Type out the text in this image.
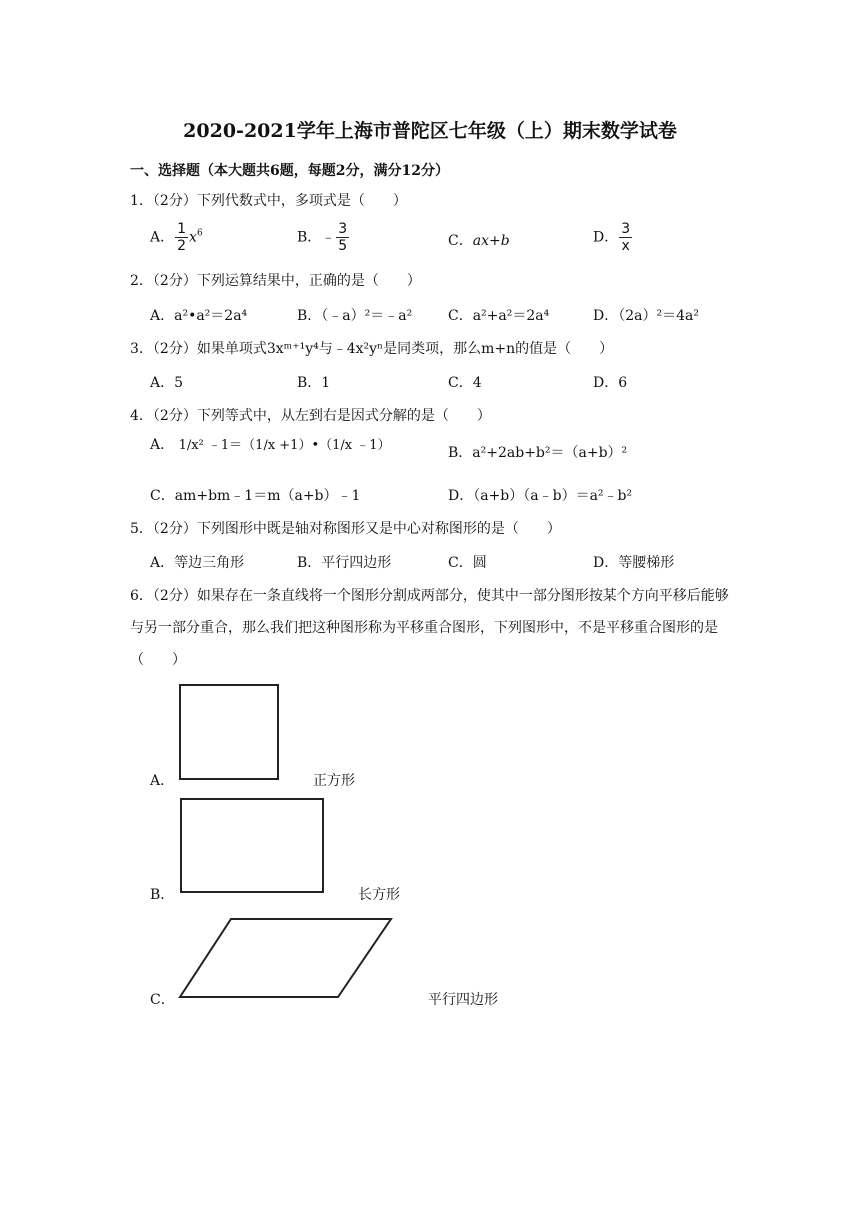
2020-2021学年上海市普陀区七年级（上）期末数学试卷
一、选择题（本大题共6题，每题2分，满分12分）
1．（2分）下列代数式中，多项式是（　　）
A． $\frac{1}{2} x^6$	B．﹣ $\frac{3}{5}$	C．ax+b	D． $\frac{3}{x}$
2．（2分）下列运算结果中，正确的是（　　）
A．a²•a²＝2a⁴	B．（﹣a）²＝﹣a²	C．a²+a²＝2a⁴	D．（2a）²＝4a²
3．（2分）如果单项式3xᵐ⁺¹y⁴与﹣4x²yⁿ是同类项，那么m+n的值是（　　）
A．5	B．1	C．4	D．6
4．（2分）下列等式中，从左到右是因式分解的是（　　）
A． 1/x² ﹣1＝（1/x +1）•（1/x ﹣1）	B．a²+2ab+b²＝（a+b）²
C．am+bm﹣1＝m（a+b）﹣1	D．（a+b）（a﹣b）＝a²﹣b²
5．（2分）下列图形中既是轴对称图形又是中心对称图形的是（　　）
A．等边三角形	B．平行四边形	C．圆	D．等腰梯形
6．（2分）如果存在一条直线将一个图形分割成两部分，使其中一部分图形按某个方向平移后能够与另一部分重合，那么我们把这种图形称为平移重合图形，下列图形中，不是平移重合图形的是（　　）
A．	正方形
B．	长方形
C．	平行四边形
